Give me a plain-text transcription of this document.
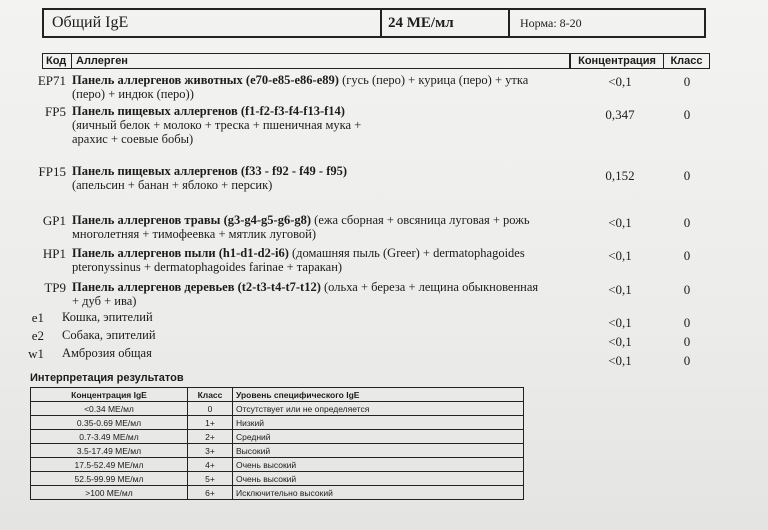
Общий IgE	24 МЕ/мл	Норма: 8-20
Код Аллерген	Концентрация	Класс
EP71 Панель аллергенов животных (e70-e85-e86-e89) (гусь (перо) + курица (перо) + утка
(перо) + индюк (перо))
<0,1	0
FP5 Панель пищевых аллергенов (f1-f2-f3-f4-f13-f14)
(яичный белок + молоко + треска + пшеничная мука +
арахис + соевые бобы)
0,347	0
FP15 Панель пищевых аллергенов (f33 - f92 - f49 - f95)
(апельсин + банан + яблоко + персик)
0,152	0
GP1 Панель аллергенов травы (g3-g4-g5-g6-g8) (ежа сборная + овсяница луговая + рожь
многолетняя + тимофеевка + мятлик луговой)
<0,1	0
HP1 Панель аллергенов пыли (h1-d1-d2-i6) (домашняя пыль (Greer) + dermatophagoides
pteronyssinus + dermatophagoides farinae + таракан)
<0,1	0
TP9 Панель аллергенов деревьев (t2-t3-t4-t7-t12) (ольха + береза + лещина обыкновенная
+ дуб + ива)
<0,1	0
e1 Кошка, эпителий	<0,1	0
e2 Собака, эпителий	<0,1	0
w1 Амброзия общая	<0,1	0
Интерпретация результатов
Концентрация IgE	Класс	Уровень специфического IgE
<0.34 МЕ/мл	0	Отсутствует или не определяется
0.35-0.69 МЕ/мл	1+	Низкий
0.7-3.49 МЕ/мл	2+	Средний
3.5-17.49 МЕ/мл	3+	Высокий
17.5-52.49 МЕ/мл	4+	Очень высокий
52.5-99.99 МЕ/мл	5+	Очень высокий
>100 МЕ/мл	6+	Исключительно высокий
